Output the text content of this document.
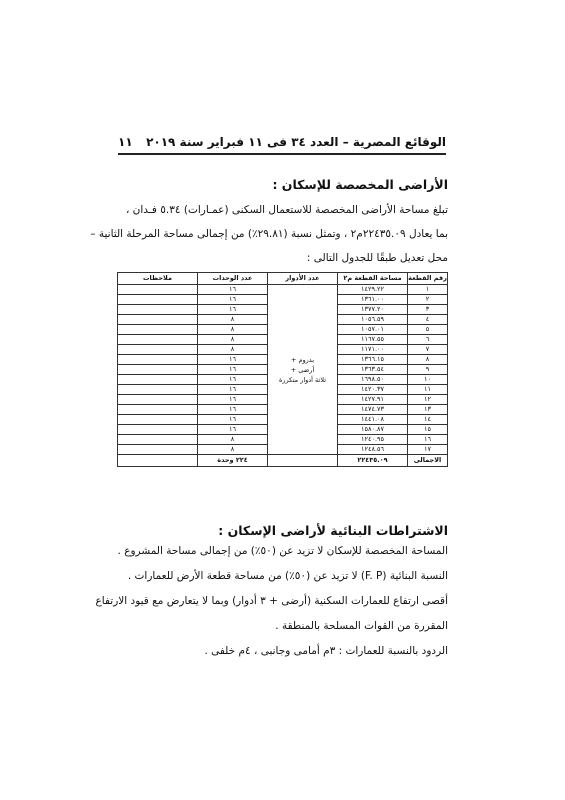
١١ الوقائع المصرية – العدد ٣٤ فى ١١ فبراير سنة ٢٠١٩
الأراضى المخصصة للإسكان :
تبلغ مساحة الأراضى المخصصة للاستعمال السكنى (عمـارات) ٥.٣٤ فـدان ،
بما يعادل ٢٢٤٣٥.٠٩م٢ ، وتمثل نسبة (٢٩.٨١٪) من إجمالى مساحة المرحلة الثانية –
محل تعديل طبقًا للجدول التالى :
رقم القطعة	مساحة القطعة م٢	عدد الأدوار	عدد الوحدات	ملاحظات
١	١٤٢٩.٢٢	بدروم +
أرضى +
ثلاثة أدوار متكررة	١٦	
٢	١٣٦١.٠٠		١٦	
٣	١٣٧٧.٢٠		١٦	
٤	١٠٥٦.٥٩		٨	
٥	١٠٥٧.٠١		٨	
٦	١١٦٧.٥٥		٨	
٧	١١٧١.٠٠		٨	
٨	١٣٦٦.١٥		١٦	
٩	١٣٦٣.٥٤		١٦	
١٠	١٦٩٨.٥٠		١٦	
١١	١٤٢٠.٣٧		١٦	
١٢	١٤٢٧.٩١		١٦	
١٣	١٤٧٤.٧٣		١٦	
١٤	١٤٤١.٠٨		١٦	
١٥	١٥٨٠.٨٧		١٦	
١٦	١٢٤٠.٩٥		٨	
١٧	١٢٤٨.٥٦		٨	
الاجمالى	٢٢٤٣٥.٠٩		٢٢٤ وحدة	
الاشتراطات البنائية لأراضى الإسكان :
المساحة المخصصة للإسكان لا تزيد عن (٥٠٪) من إجمالى مساحة المشروع .
النسبة البنائية (F. P) لا تزيد عن (٥٠٪) من مساحة قطعة الأرض للعمارات .
أقصى ارتفاع للعمارات السكنية (أرضى + ٣ أدوار) وبما لا يتعارض مع قيود الارتفاع
المقررة من القوات المسلحة بالمنطقة .
الردود بالنسبة للعمارات : ٣م أمامى وجانبى ، ٤م خلفى .
